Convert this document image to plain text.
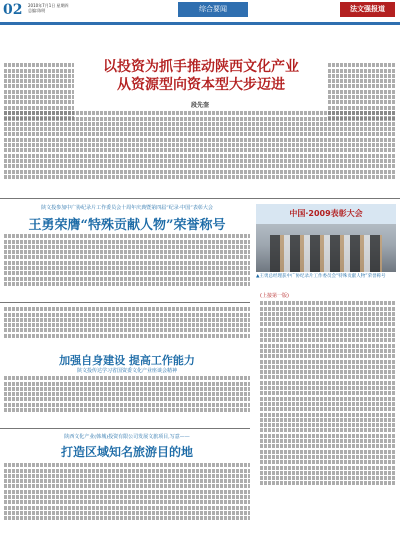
02 2010年7月1日 星期四
总编:陈明	综合要闻	法文强报道
以投资为抓手推动陕西文化产业
从资源型向资本型大步迈进
段先奎
陕文投参加中广协纪录片工作委员会十周年庆典暨第四届“纪录·中国”表彰大会
王勇荣膺“特殊贡献人物”荣誉称号
中国·2009表彰大会
▲王勇总经理获中广协纪录片工作委员会“特殊贡献人物”荣誉称号
加强自身建设 提高工作能力
陕文投传达学习省国资委文化产业座谈会精神
陕西文化产业(韩城)投资有限公司发展文旅项目,写意——
打造区域知名旅游目的地
(上接第一版)
